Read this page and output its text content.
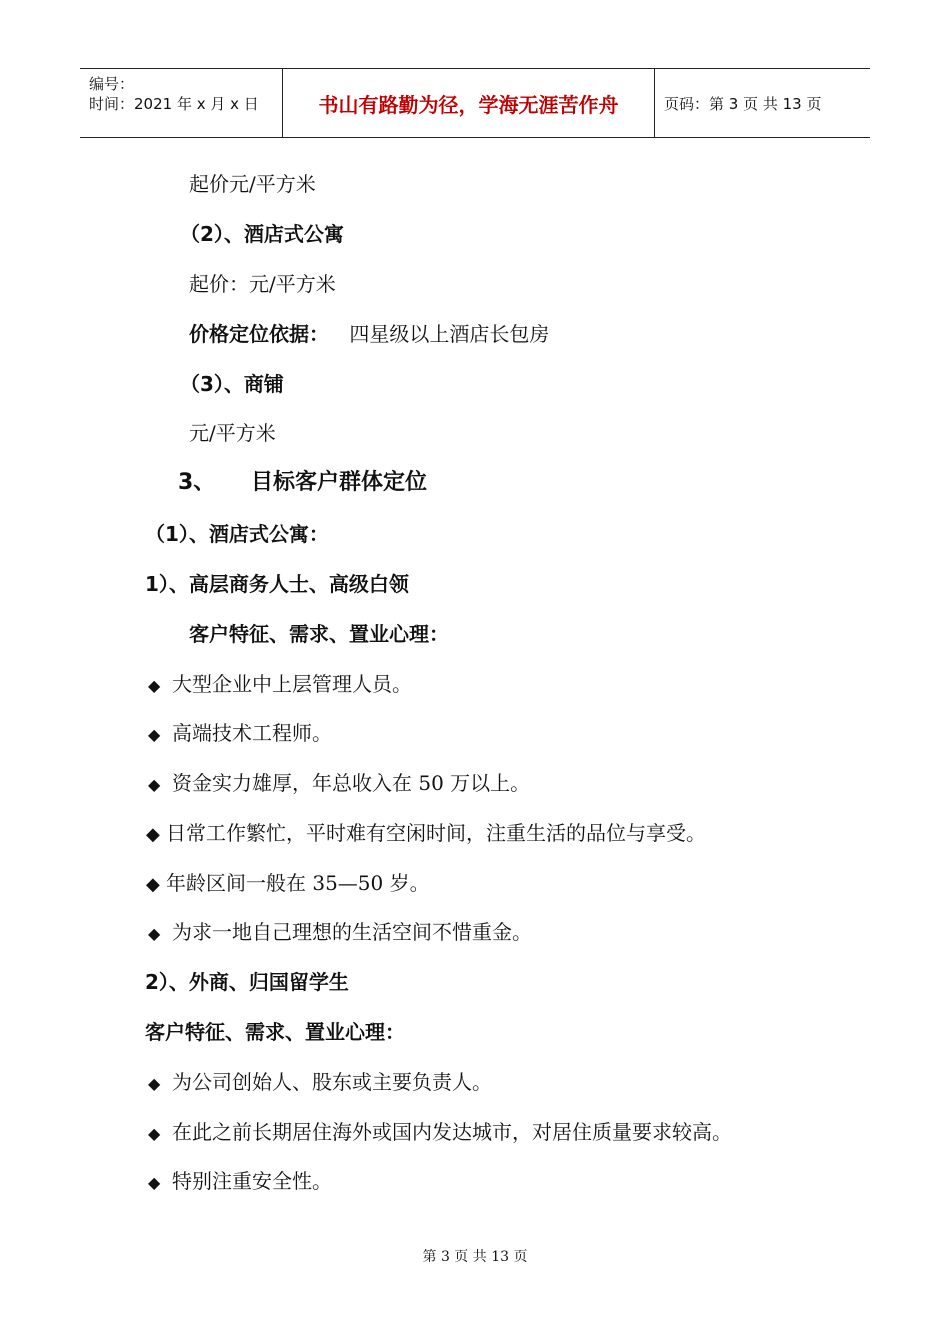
编号：
时间：2021 年 x 月 x 日	书山有路勤为径，学海无涯苦作舟	页码：第 3 页 共 13 页
起价元/平方米
（2）、酒店式公寓
起价：元/平方米
价格定位依据： 四星级以上酒店长包房
（3）、商铺
元/平方米
3、 目标客户群体定位
（1）、酒店式公寓：
1）、高层商务人士、高级白领
客户特征、需求、置业心理：
◆ 大型企业中上层管理人员。
◆ 高端技术工程师。
◆ 资金实力雄厚，年总收入在 50 万以上。
◆ 日常工作繁忙，平时难有空闲时间，注重生活的品位与享受。
◆ 年龄区间一般在 35—50 岁。
◆ 为求一地自己理想的生活空间不惜重金。
2）、外商、归国留学生
客户特征、需求、置业心理：
◆ 为公司创始人、股东或主要负责人。
◆ 在此之前长期居住海外或国内发达城市，对居住质量要求较高。
◆ 特别注重安全性。
第 3 页 共 13 页
